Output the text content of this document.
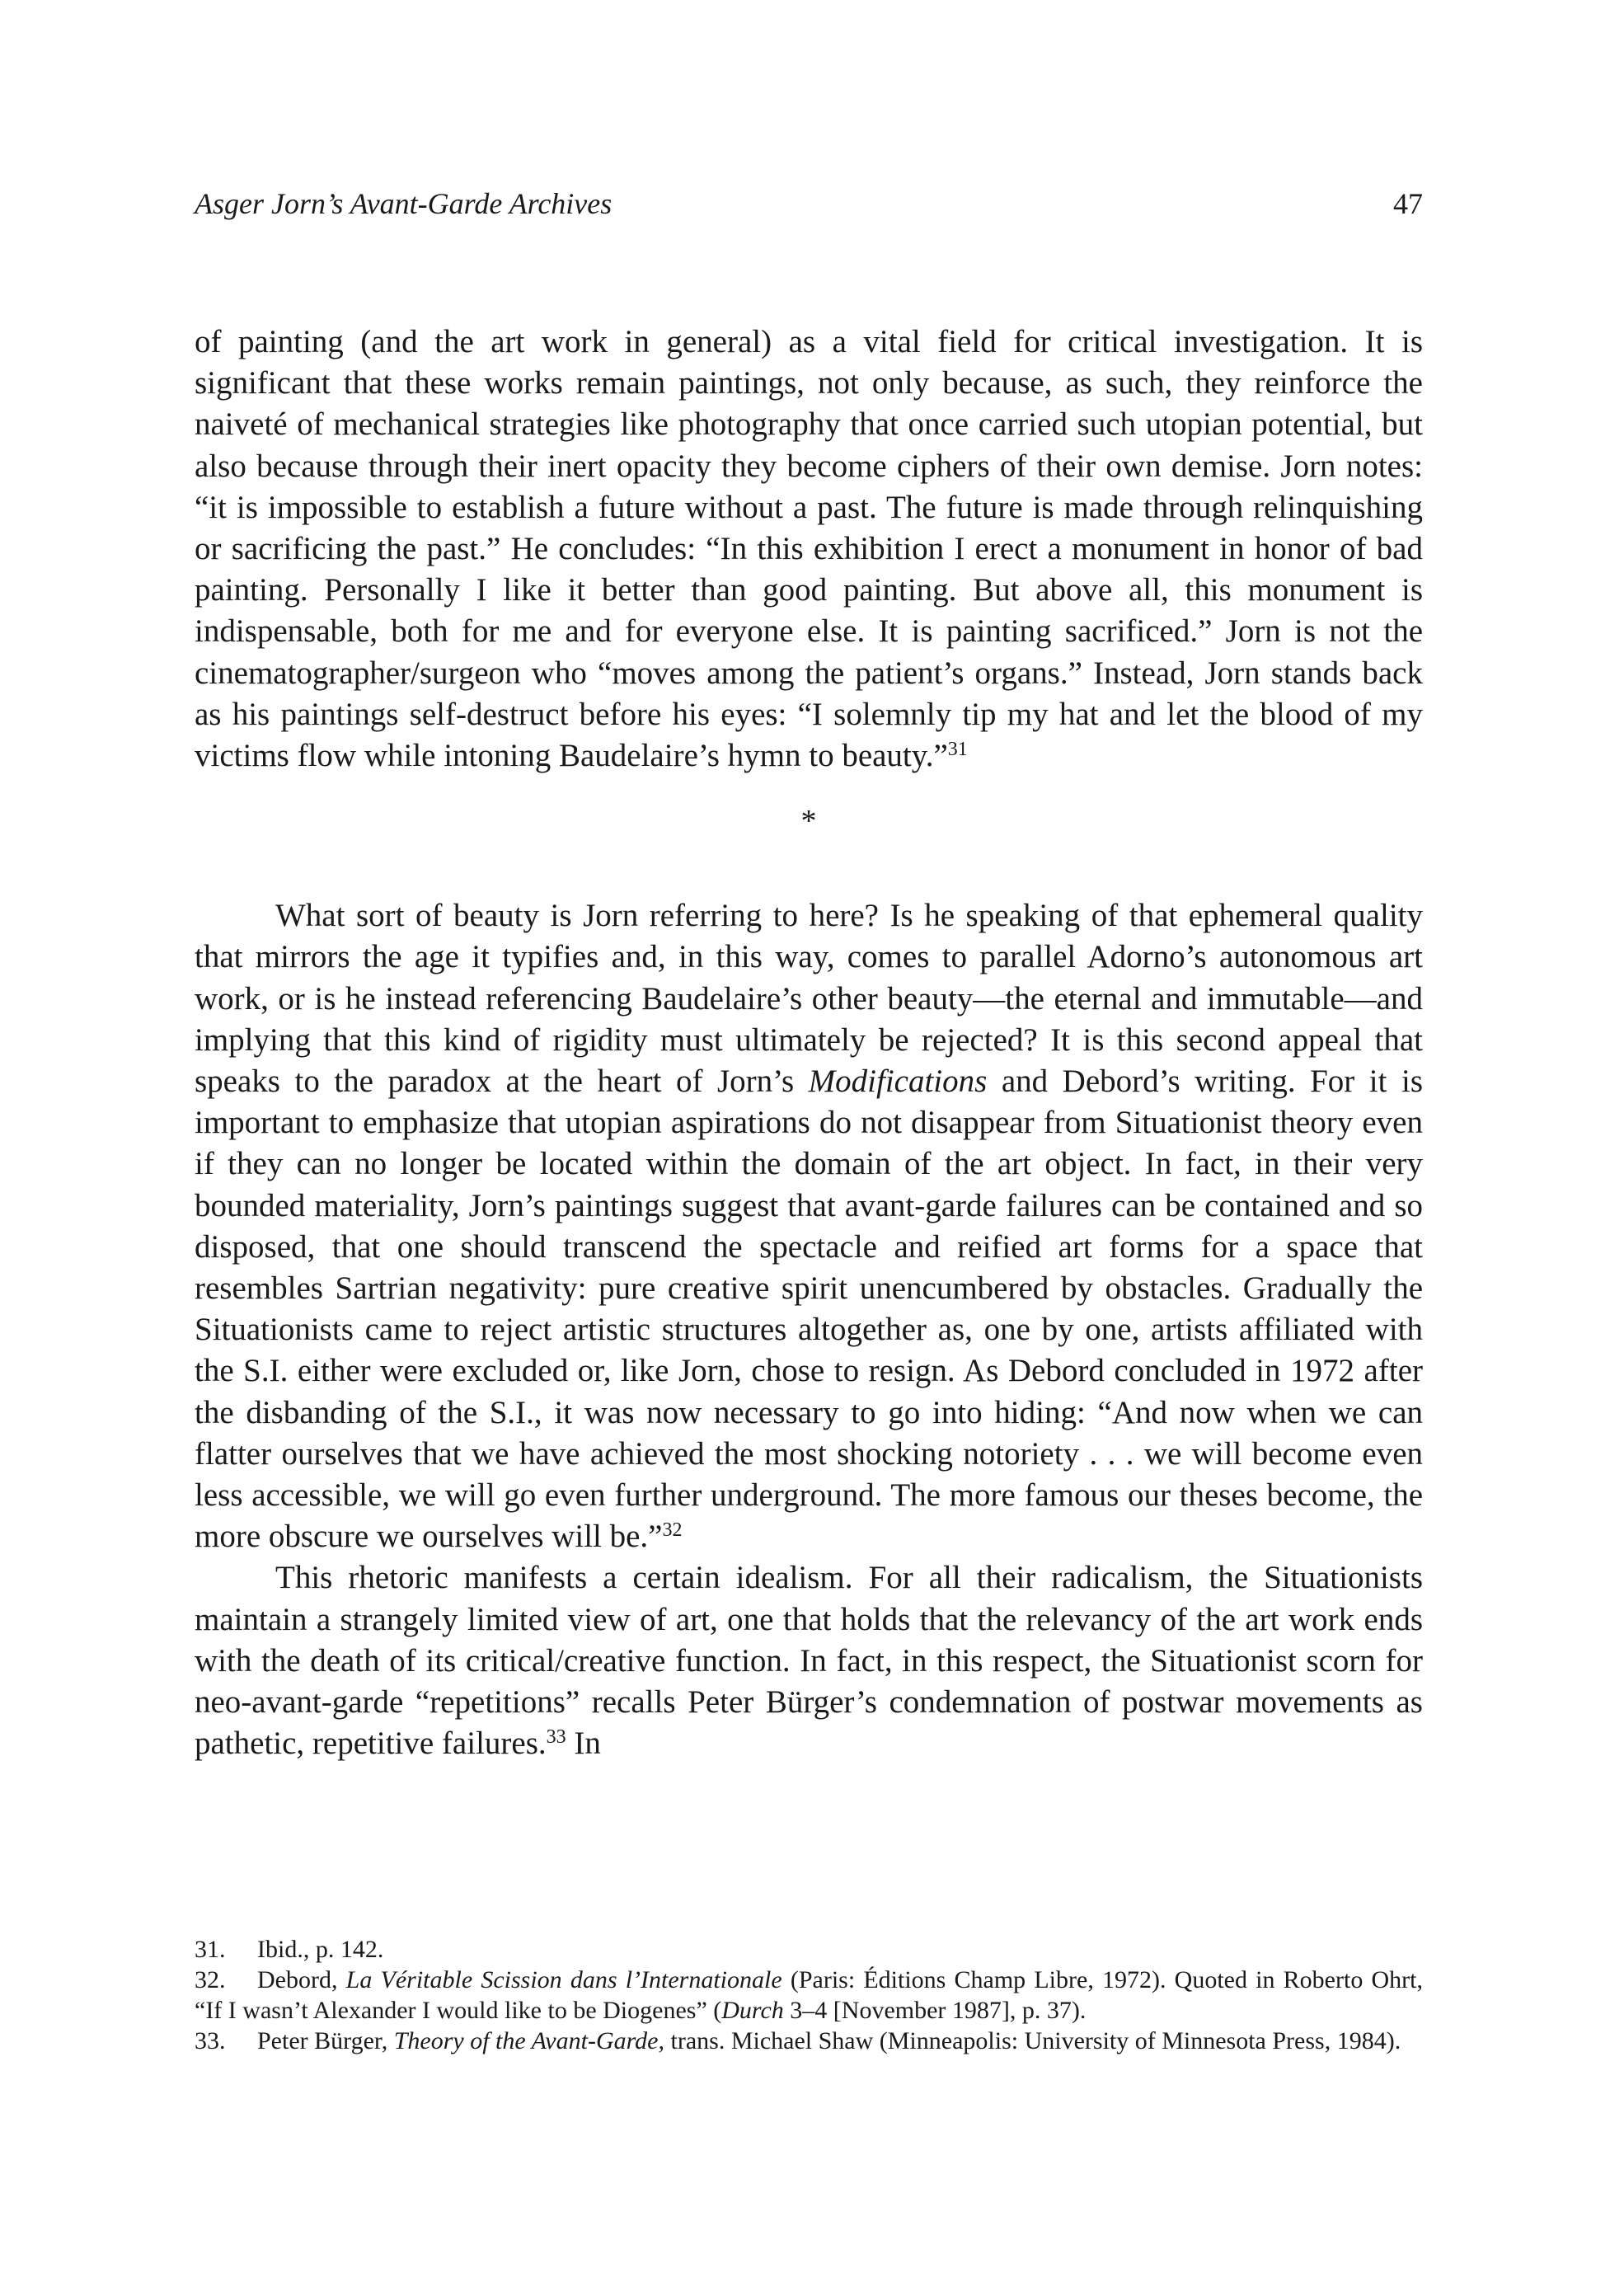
Asger Jorn’s Avant-Garde Archives	47

of painting (and the art work in general) as a vital field for critical investigation. It is significant that these works remain paintings, not only because, as such, they reinforce the naiveté of mechanical strategies like photography that once carried such utopian potential, but also because through their inert opacity they become ciphers of their own demise. Jorn notes: “it is impossible to establish a future without a past. The future is made through relinquishing or sacrificing the past.” He concludes: “In this exhibition I erect a monument in honor of bad painting. Personally I like it better than good painting. But above all, this monument is indispensable, both for me and for everyone else. It is painting sacrificed.” Jorn is not the cinematographer/surgeon who “moves among the patient’s organs.” Instead, Jorn stands back as his paintings self-destruct before his eyes: “I solemnly tip my hat and let the blood of my victims flow while intoning Baudelaire’s hymn to beauty.”$^{31}$

*

What sort of beauty is Jorn referring to here? Is he speaking of that ephemeral quality that mirrors the age it typifies and, in this way, comes to parallel Adorno’s autonomous art work, or is he instead referencing Baudelaire’s other beauty—the eternal and immutable—and implying that this kind of rigidity must ultimately be rejected? It is this second appeal that speaks to the paradox at the heart of Jorn’s Modifications and Debord’s writing. For it is important to emphasize that utopian aspirations do not disappear from Situationist theory even if they can no longer be located within the domain of the art object. In fact, in their very bounded materiality, Jorn’s paintings suggest that avant-garde failures can be contained and so disposed, that one should transcend the spectacle and reified art forms for a space that resembles Sartrian negativity: pure creative spirit unencumbered by obstacles. Gradually the Situationists came to reject artistic structures altogether as, one by one, artists affiliated with the S.I. either were excluded or, like Jorn, chose to resign. As Debord concluded in 1972 after the disbanding of the S.I., it was now necessary to go into hiding: “And now when we can flatter ourselves that we have achieved the most shocking notoriety . . . we will become even less accessible, we will go even further underground. The more famous our theses become, the more obscure we ourselves will be.”$^{32}$

This rhetoric manifests a certain idealism. For all their radicalism, the Situationists maintain a strangely limited view of art, one that holds that the relevancy of the art work ends with the death of its critical/creative function. In fact, in this respect, the Situationist scorn for neo-avant-garde “repetitions” recalls Peter Bürger’s condemnation of postwar movements as pathetic, repetitive failures.$^{33}$ In

31. Ibid., p. 142.

32. Debord, La Véritable Scission dans l’Internationale (Paris: Éditions Champ Libre, 1972). Quoted in Roberto Ohrt, “If I wasn’t Alexander I would like to be Diogenes” (Durch 3–4 [November 1987], p. 37).

33. Peter Bürger, Theory of the Avant-Garde, trans. Michael Shaw (Minneapolis: University of Minnesota Press, 1984).
